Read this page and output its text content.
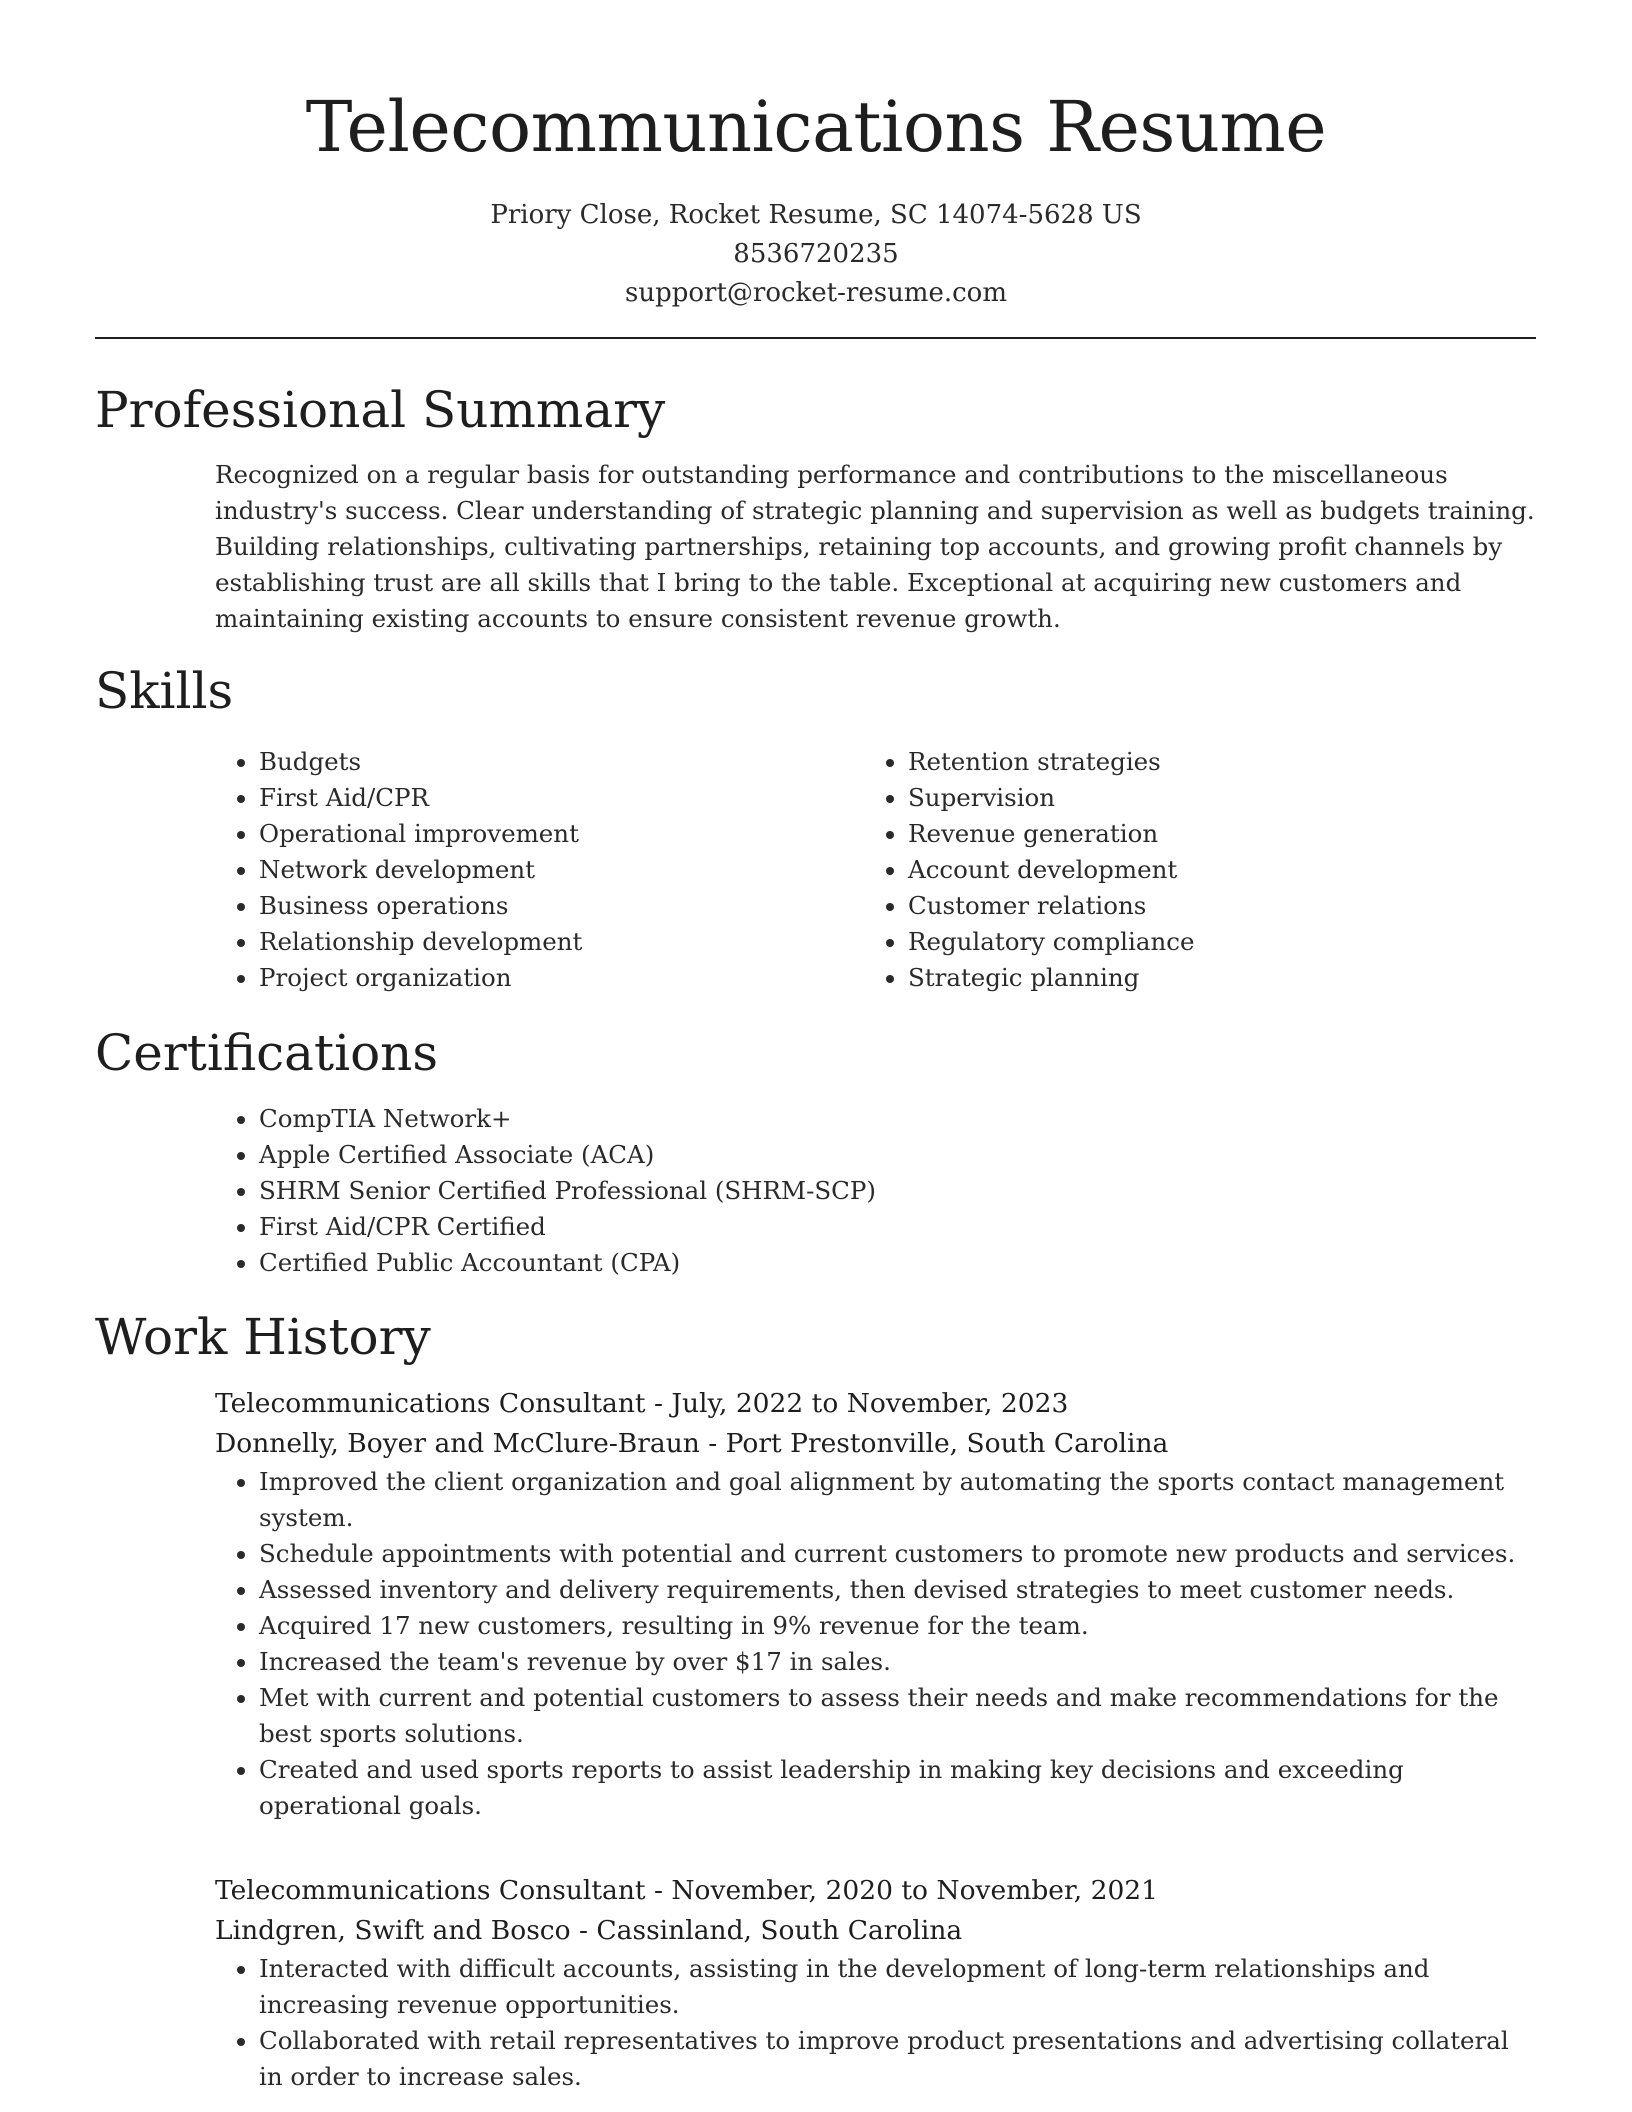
Telecommunications Resume
Priory Close, Rocket Resume, SC 14074-5628 US
8536720235
support@rocket-resume.com
Professional Summary
Recognized on a regular basis for outstanding performance and contributions to the miscellaneous industry's success. Clear understanding of strategic planning and supervision as well as budgets training. Building relationships, cultivating partnerships, retaining top accounts, and growing profit channels by establishing trust are all skills that I bring to the table. Exceptional at acquiring new customers and maintaining existing accounts to ensure consistent revenue growth.
Skills
• Budgets
• First Aid/CPR
• Operational improvement
• Network development
• Business operations
• Relationship development
• Project organization
• Retention strategies
• Supervision
• Revenue generation
• Account development
• Customer relations
• Regulatory compliance
• Strategic planning
Certifications
• CompTIA Network+
• Apple Certified Associate (ACA)
• SHRM Senior Certified Professional (SHRM-SCP)
• First Aid/CPR Certified
• Certified Public Accountant (CPA)
Work History
Telecommunications Consultant - July, 2022 to November, 2023
Donnelly, Boyer and McClure-Braun - Port Prestonville, South Carolina
• Improved the client organization and goal alignment by automating the sports contact management system.
• Schedule appointments with potential and current customers to promote new products and services.
• Assessed inventory and delivery requirements, then devised strategies to meet customer needs.
• Acquired 17 new customers, resulting in 9% revenue for the team.
• Increased the team's revenue by over $17 in sales.
• Met with current and potential customers to assess their needs and make recommendations for the best sports solutions.
• Created and used sports reports to assist leadership in making key decisions and exceeding operational goals.
Telecommunications Consultant - November, 2020 to November, 2021
Lindgren, Swift and Bosco - Cassinland, South Carolina
• Interacted with difficult accounts, assisting in the development of long-term relationships and increasing revenue opportunities.
• Collaborated with retail representatives to improve product presentations and advertising collateral in order to increase sales.
